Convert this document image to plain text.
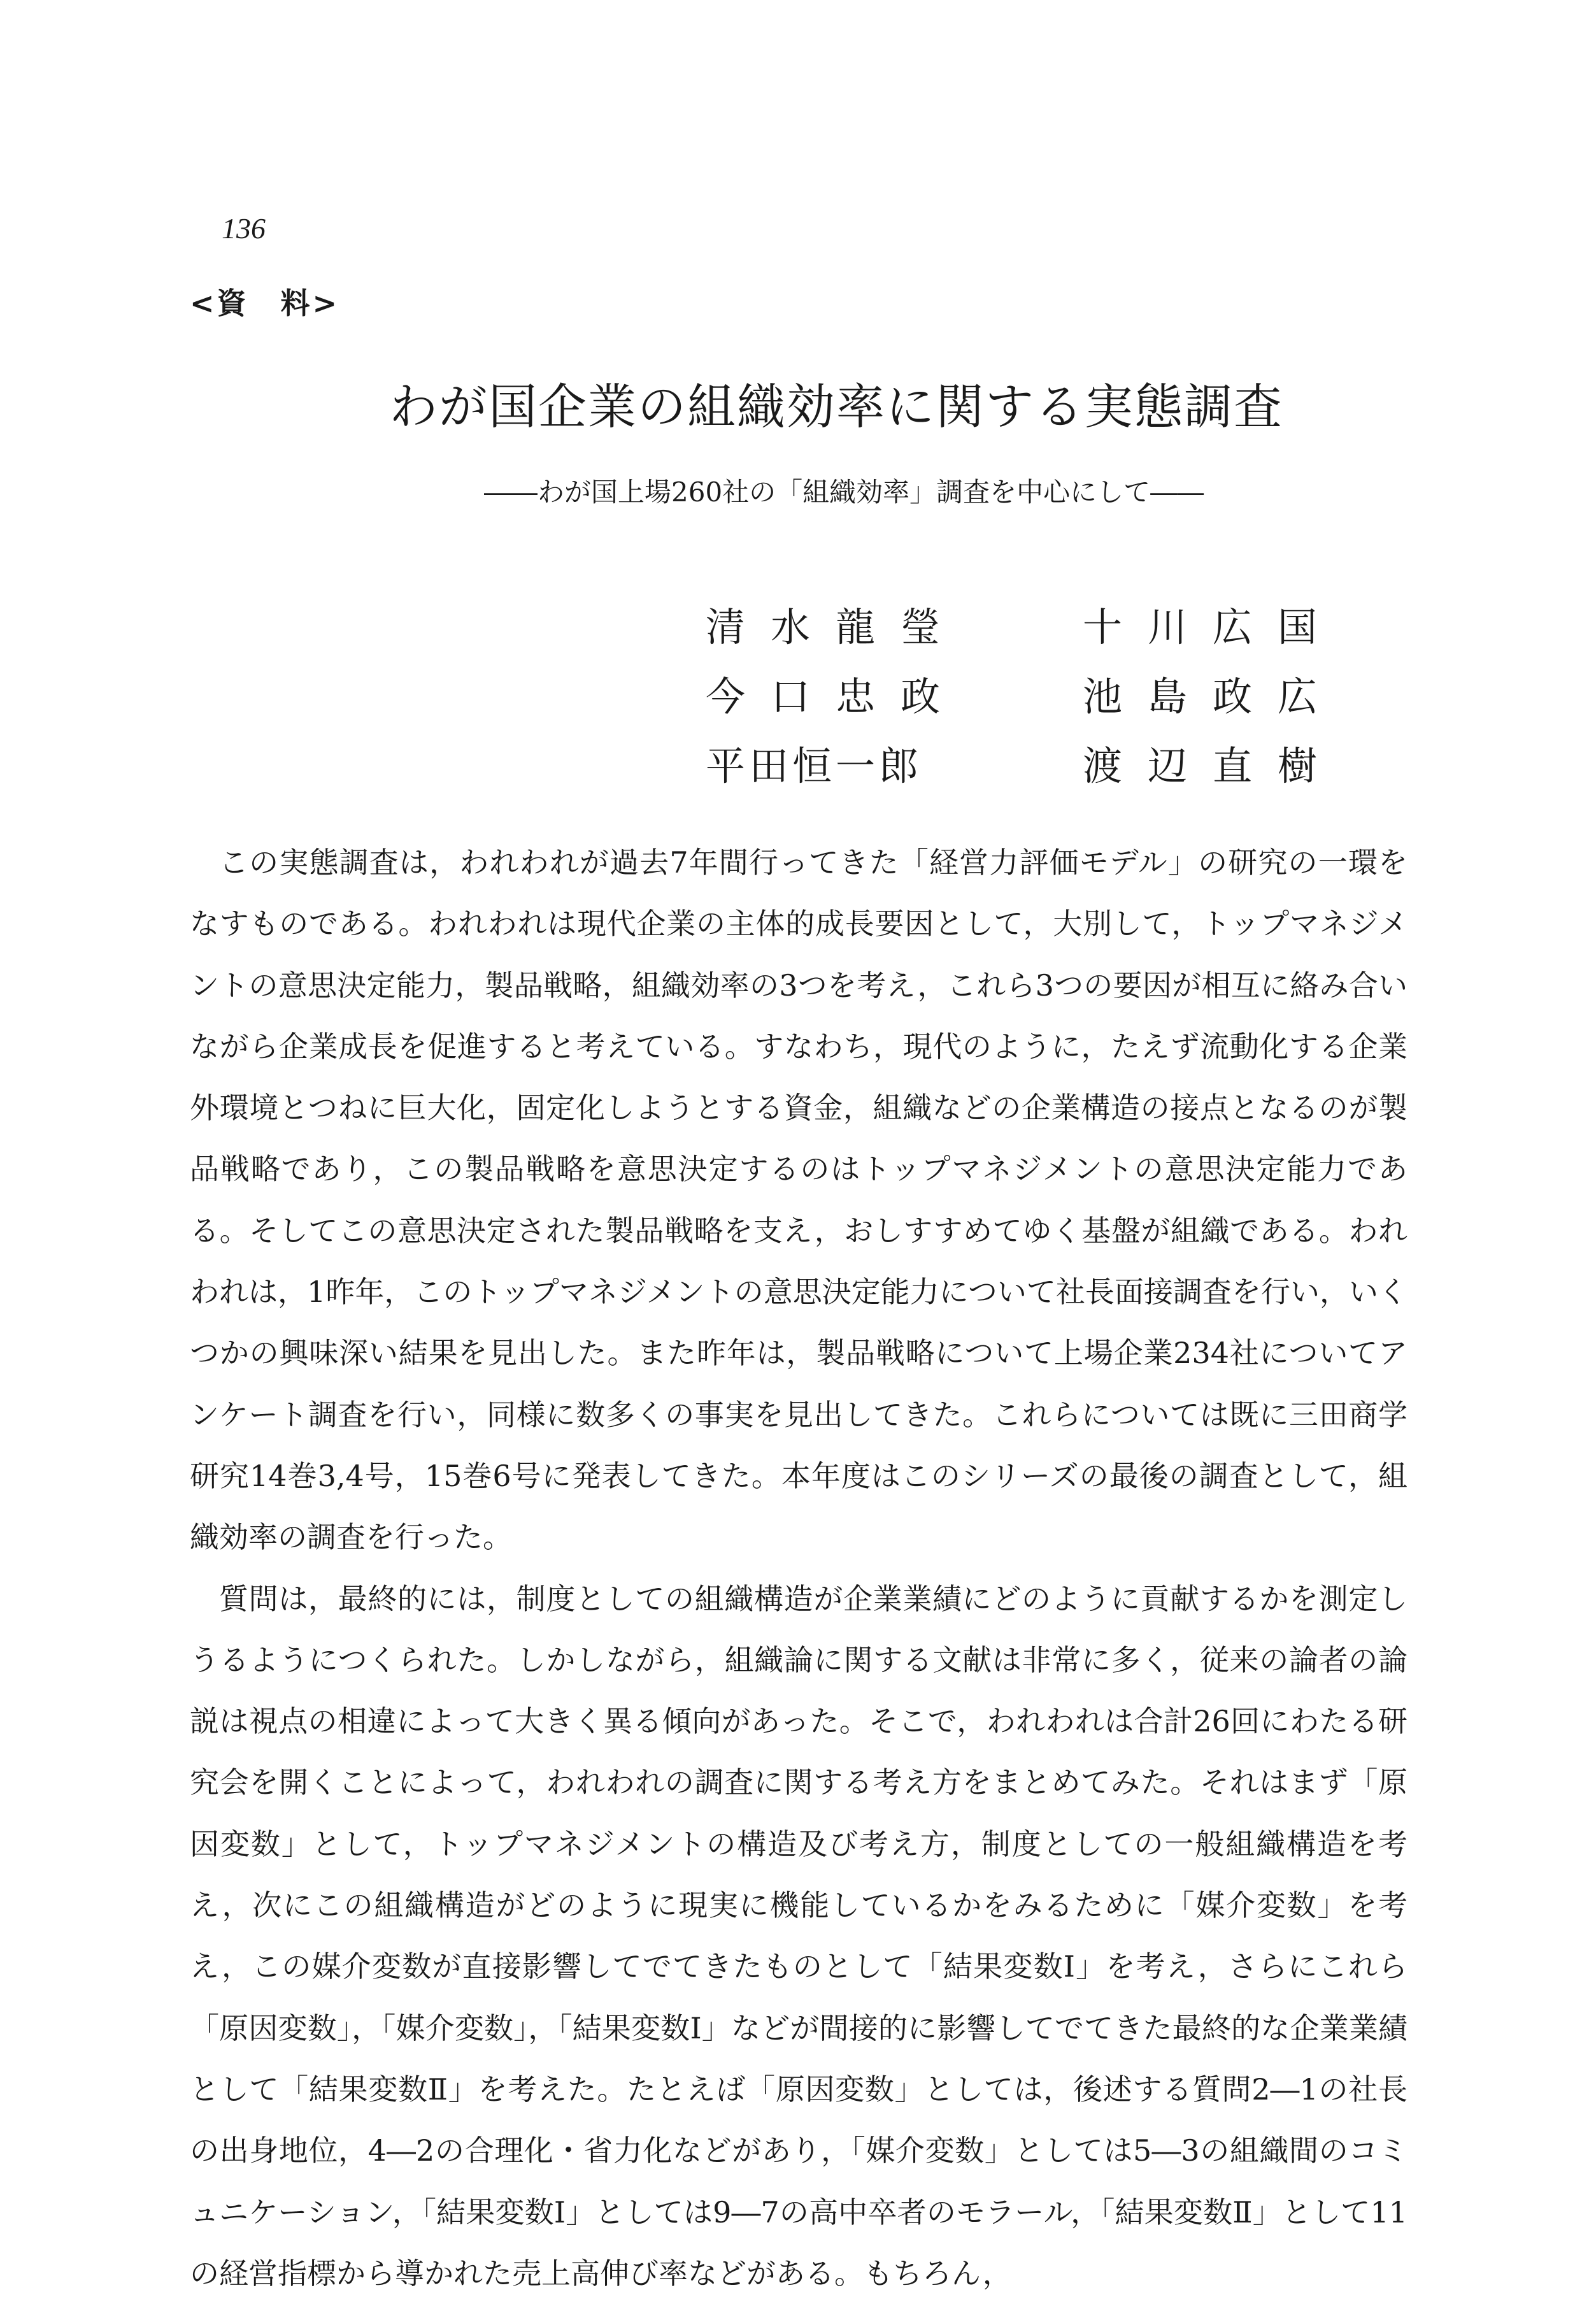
136
<資　料>
わが国企業の組織効率に関する実態調査
――わが国上場260社の「組織効率」調査を中心にして――
清水龍瑩	十川広国
今口忠政	池島政広
平田恒一郎	渡辺直樹

この実態調査は，われわれが過去7年間行ってきた「経営力評価モデル」の研究の一環をなすものである。われわれは現代企業の主体的成長要因として，大別して，トップマネジメントの意思決定能力，製品戦略，組織効率の3つを考え，これら3つの要因が相互に絡み合いながら企業成長を促進すると考えている。すなわち，現代のように，たえず流動化する企業外環境とつねに巨大化，固定化しようとする資金，組織などの企業構造の接点となるのが製品戦略であり，この製品戦略を意思決定するのはトップマネジメントの意思決定能力である。そしてこの意思決定された製品戦略を支え，おしすすめてゆく基盤が組織である。われわれは，1昨年，このトップマネジメントの意思決定能力について社長面接調査を行い，いくつかの興味深い結果を見出した。また昨年は，製品戦略について上場企業234社についてアンケート調査を行い，同様に数多くの事実を見出してきた。これらについては既に三田商学研究14巻3,4号，15巻6号に発表してきた。本年度はこのシリーズの最後の調査として，組織効率の調査を行った。

質問は，最終的には，制度としての組織構造が企業業績にどのように貢献するかを測定しうるようにつくられた。しかしながら，組織論に関する文献は非常に多く，従来の論者の論説は視点の相違によって大きく異る傾向があった。そこで，われわれは合計26回にわたる研究会を開くことによって，われわれの調査に関する考え方をまとめてみた。それはまず「原因変数」として，トップマネジメントの構造及び考え方，制度としての一般組織構造を考え，次にこの組織構造がどのように現実に機能しているかをみるために「媒介変数」を考え，この媒介変数が直接影響してでてきたものとして「結果変数Ⅰ」を考え，さらにこれら「原因変数」，「媒介変数」，「結果変数Ⅰ」などが間接的に影響してでてきた最終的な企業業績として「結果変数Ⅱ」を考えた。たとえば「原因変数」としては，後述する質問2―1の社長の出身地位，4―2の合理化・省力化などがあり，「媒介変数」としては5―3の組織間のコミュニケーション，「結果変数Ⅰ」としては9―7の高中卒者のモラール，「結果変数Ⅱ」として11の経営指標から導かれた売上高伸び率などがある。もちろん，
